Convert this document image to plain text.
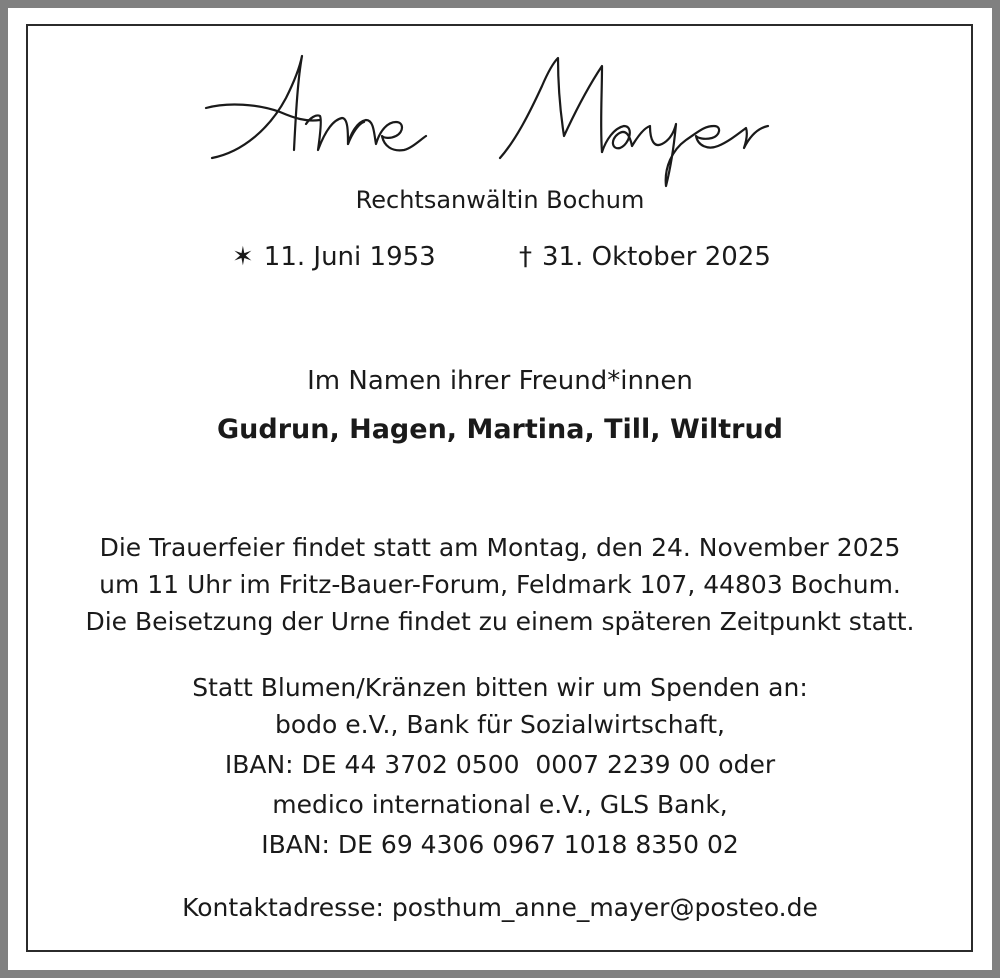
Rechtsanwältin Bochum
✶ 11. Juni 1953	† 31. Oktober 2025
Im Namen ihrer Freund*innen
Gudrun, Hagen, Martina, Till, Wiltrud
Die Trauerfeier findet statt am Montag, den 24. November 2025
um 11 Uhr im Fritz-Bauer-Forum, Feldmark 107, 44803 Bochum.
Die Beisetzung der Urne findet zu einem späteren Zeitpunkt statt.
Statt Blumen/Kränzen bitten wir um Spenden an:
bodo e.V., Bank für Sozialwirtschaft,
IBAN: DE 44 3702 0500  0007 2239 00 oder
medico international e.V., GLS Bank,
IBAN: DE 69 4306 0967 1018 8350 02
Kontaktadresse: posthum_anne_mayer@posteo.de
